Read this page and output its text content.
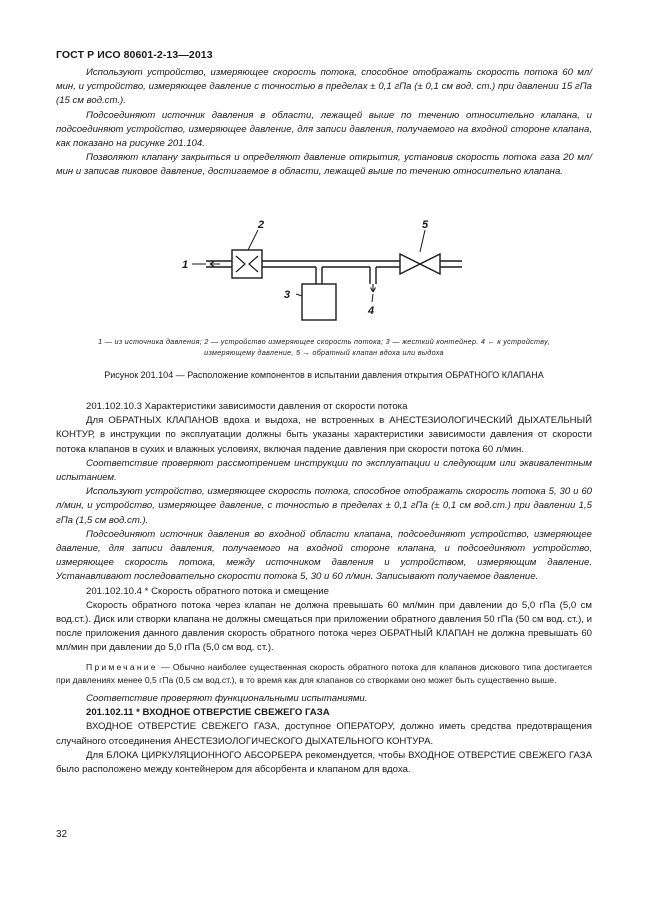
ГОСТ Р ИСО 80601-2-13—2013

Используют устройство, измеряющее скорость потока, способное отображать скорость потока 60 мл/мин, и устройство, измеряющее давление с точностью в пределах ± 0,1 гПа (± 0,1 см вод. ст.) при давлении 15 гПа (15 см вод.ст.).

Подсоединяют источник давления в области, лежащей выше по течению относительно клапана, и подсоединяют устройство, измеряющее давление, для записи давления, получаемого на входной стороне клапана, как показано на рисунке 201.104.

Позволяют клапану закрыться и определяют давление открытия, установив скорость потока газа 20 мл/мин и записав пиковое давление, достигаемое в области, лежащей выше по течению относительно клапана.

1
2
3
4
5
1 — из источника давления; 2 — устройство измеряющее скорость потока; 3 — жесткий контейнер. 4 ← к устройству,
измеряющему давление, 5 → обратный клапан вдоха или выдоха
Рисунок 201.104 — Расположение компонентов в испытании давления открытия ОБРАТНОГО КЛАПАНА

201.102.10.3 Характеристики зависимости давления от скорости потока

Для ОБРАТНЫХ КЛАПАНОВ вдоха и выдоха, не встроенных в АНЕСТЕЗИОЛОГИЧЕСКИЙ ДЫХАТЕЛЬНЫЙ КОНТУР, в инструкции по эксплуатации должны быть указаны характеристики зависимости давления от скорости потока клапанов в сухих и влажных условиях, включая падение давления при скорости потока 60 л/мин.

Соответствие проверяют рассмотрением инструкции по эксплуатации и следующим или эквивалентным испытанием.

Используют устройство, измеряющее скорость потока, способное отображать скорость потока 5, 30 и 60 л/мин, и устройство, измеряющее давление, с точностью в пределах ± 0,1 гПа (± 0,1 см вод.ст.) при давлении 1,5 гПа (1,5 см вод.ст.).

Подсоединяют источник давления во входной области клапана, подсоединяют устройство, измеряющее давление, для записи давления, получаемого на входной стороне клапана, и подсоединяют устройство, измеряющее скорость потока, между источником давления и устройством, измеряющим давление. Устанавливают последовательно скорости потока 5, 30 и 60 л/мин. Записывают получаемое давление.

201.102.10.4 * Скорость обратного потока и смещение

Скорость обратного потока через клапан не должна превышать 60 мл/мин при давлении до 5,0 гПа (5,0 см вод.ст.). Диск или створки клапана не должны смещаться при приложении обратного давления 50 гПа (50 см вод. ст.), и после приложения данного давления скорость обратного потока через ОБРАТНЫЙ КЛАПАН не должна превышать 60 мл/мин при давлении до 5,0 гПа (5,0 см вод. ст.).

Примечание — Обычно наиболее существенная скорость обратного потока для клапанов дискового типа достигается при давлениях менее 0,5 гПа (0,5 см вод.ст.), в то время как для клапанов со створками оно может быть существенно выше.

Соответствие проверяют функциональными испытаниями.

201.102.11 * ВХОДНОЕ ОТВЕРСТИЕ СВЕЖЕГО ГАЗА

ВХОДНОЕ ОТВЕРСТИЕ СВЕЖЕГО ГАЗА, доступное ОПЕРАТОРУ, должно иметь средства предотвращения случайного отсоединения АНЕСТЕЗИОЛОГИЧЕСКОГО ДЫХАТЕЛЬНОГО КОНТУРА.

Для БЛОКА ЦИРКУЛЯЦИОННОГО АБСОРБЕРА рекомендуется, чтобы ВХОДНОЕ ОТВЕРСТИЕ СВЕЖЕГО ГАЗА было расположено между контейнером для абсорбента и клапаном для вдоха.

32
